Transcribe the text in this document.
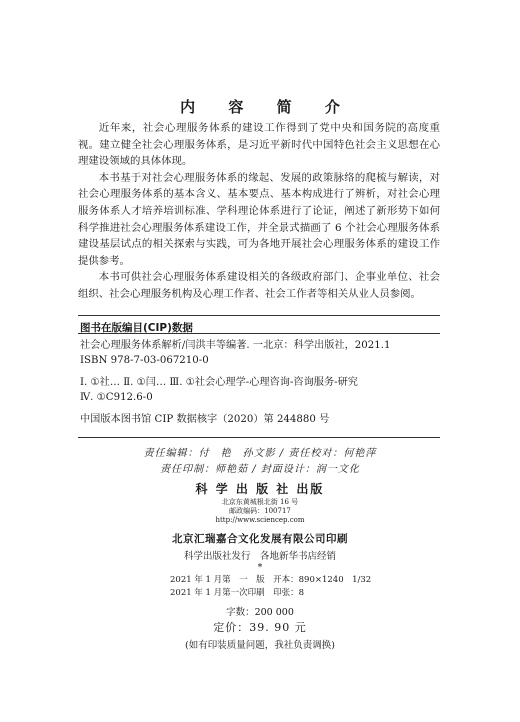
内 容 简 介

近年来，社会心理服务体系的建设工作得到了党中央和国务院的高度重视。建立健全社会心理服务体系，是习近平新时代中国特色社会主义思想在心理建设领域的具体体现。

本书基于对社会心理服务体系的缘起、发展的政策脉络的爬梳与解读，对社会心理服务体系的基本含义、基本要点、基本构成进行了辨析，对社会心理服务体系人才培养培训标准、学科理论体系进行了论证，阐述了新形势下如何科学推进社会心理服务体系建设工作，并全景式描画了 6 个社会心理服务体系建设基层试点的相关探索与实践，可为各地开展社会心理服务体系的建设工作提供参考。

本书可供社会心理服务体系建设相关的各级政府部门、企事业单位、社会组织、社会心理服务机构及心理工作者、社会工作者等相关从业人员参阅。

图书在版编目(CIP)数据
社会心理服务体系解析/闫洪丰等编著. 一北京：科学出版社，2021.1
ISBN 978-7-03-067210-0
Ⅰ. ①社… Ⅱ. ①闫… Ⅲ. ①社会心理学-心理咨询-咨询服务-研究
Ⅳ. ①C912.6-0
中国版本图书馆 CIP 数据核字（2020）第 244880 号
责任编辑：付　艳　孙文影 / 责任校对：何艳萍
责任印制：师艳茹 / 封面设计：润一文化
科 学 出 版 社 出版
北京东黄城根北街 16 号
邮政编码：100717
http://www.sciencep.com
北京汇瑞嘉合文化发展有限公司印刷
科学出版社发行　各地新华书店经销
*
2021 年 1 月第　一　版　开本：890×1240　1/32
2021 年 1 月第一次印刷　印张：8
字数：200 000
定价：39. 90 元
(如有印装质量问题，我社负责调换)
